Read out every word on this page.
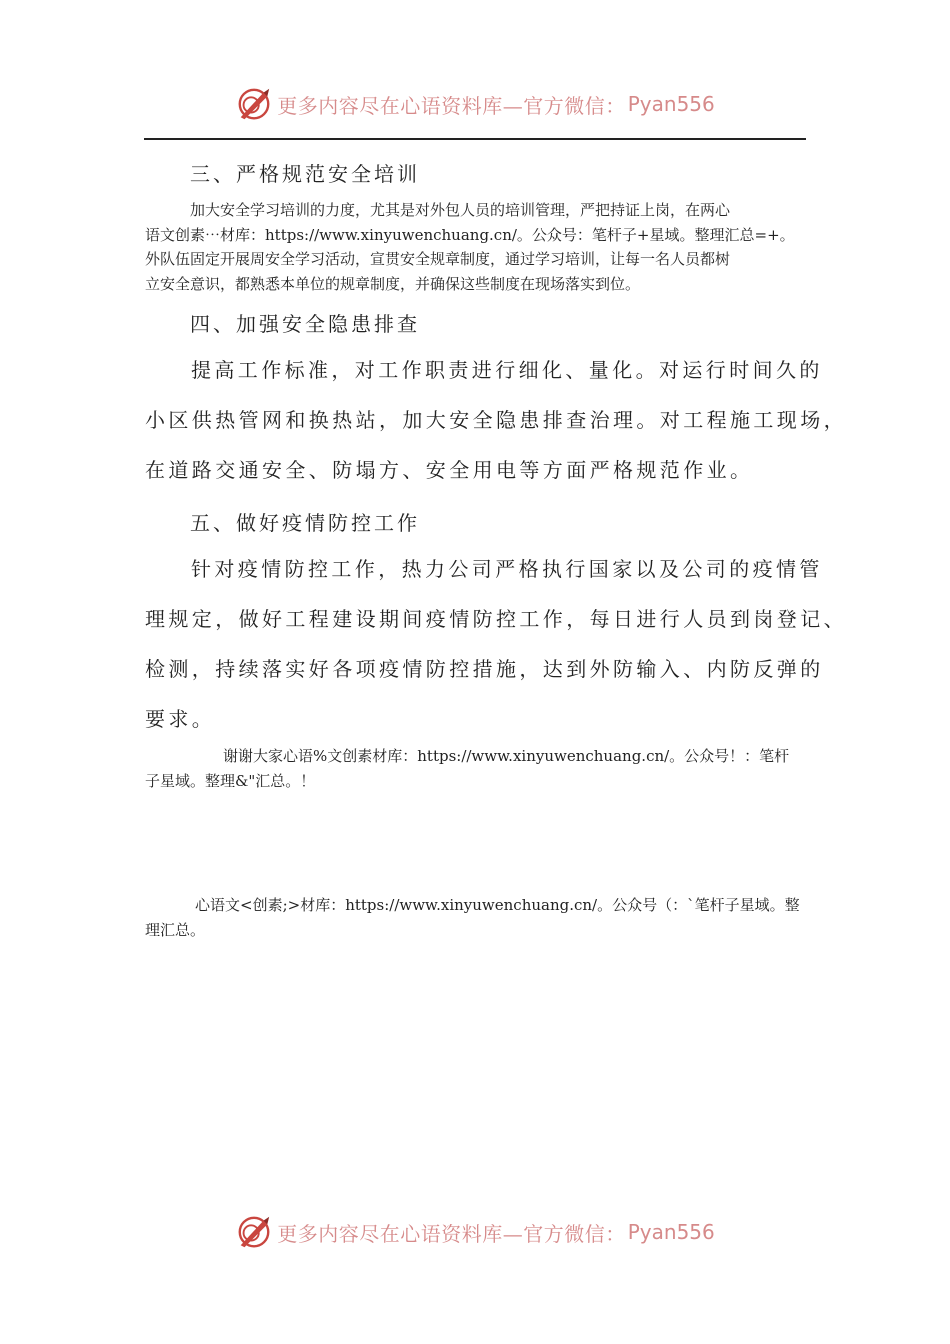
更多内容尽在心语资料库—官方微信： Pyan556
三、严格规范安全培训
加大安全学习培训的力度，尤其是对外包人员的培训管理，严把持证上岗，在两心
语文创素⋯材库：https://www.xinyuwenchuang.cn/。公众号：笔杆子+星域。整理汇总=+。
外队伍固定开展周安全学习活动，宣贯安全规章制度，通过学习培训，让每一名人员都树
立安全意识，都熟悉本单位的规章制度，并确保这些制度在现场落实到位。
四、加强安全隐患排查
提高工作标准，对工作职责进行细化、量化。对运行时间久的
小区供热管网和换热站，加大安全隐患排查治理。对工程施工现场，
在道路交通安全、防塌方、安全用电等方面严格规范作业。
五、做好疫情防控工作
针对疫情防控工作，热力公司严格执行国家以及公司的疫情管
理规定，做好工程建设期间疫情防控工作，每日进行人员到岗登记、
检测，持续落实好各项疫情防控措施，达到外防输入、内防反弹的
要求。
谢谢大家心语%文创素材库：https://www.xinyuwenchuang.cn/。公众号！：笔杆
子星域。整理&"汇总。！
心语文<创素;>材库：https://www.xinyuwenchuang.cn/。公众号（：`笔杆子星域。整
理汇总。
更多内容尽在心语资料库—官方微信： Pyan556
